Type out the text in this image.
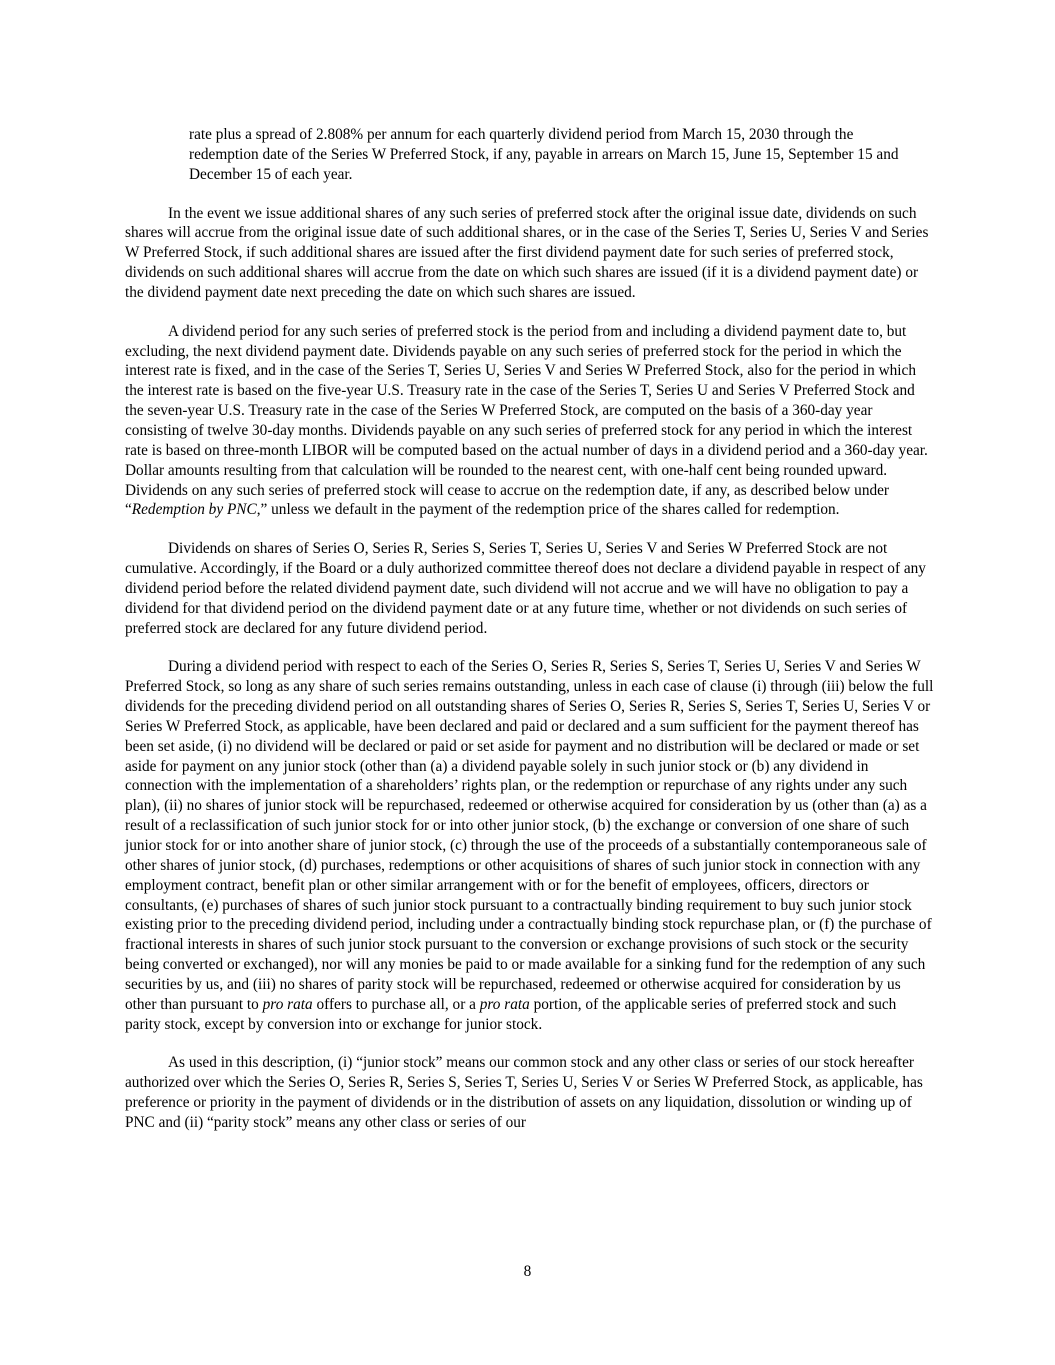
rate plus a spread of 2.808% per annum for each quarterly dividend period from March 15, 2030 through the redemption date of the Series W Preferred Stock, if any, payable in arrears on March 15, June 15, September 15 and December 15 of each year.
In the event we issue additional shares of any such series of preferred stock after the original issue date, dividends on such shares will accrue from the original issue date of such additional shares, or in the case of the Series T, Series U, Series V and Series W Preferred Stock, if such additional shares are issued after the first dividend payment date for such series of preferred stock, dividends on such additional shares will accrue from the date on which such shares are issued (if it is a dividend payment date) or the dividend payment date next preceding the date on which such shares are issued.
A dividend period for any such series of preferred stock is the period from and including a dividend payment date to, but excluding, the next dividend payment date. Dividends payable on any such series of preferred stock for the period in which the interest rate is fixed, and in the case of the Series T, Series U, Series V and Series W Preferred Stock, also for the period in which the interest rate is based on the five-year U.S. Treasury rate in the case of the Series T, Series U and Series V Preferred Stock and the seven-year U.S. Treasury rate in the case of the Series W Preferred Stock, are computed on the basis of a 360-day year consisting of twelve 30-day months. Dividends payable on any such series of preferred stock for any period in which the interest rate is based on three-month LIBOR will be computed based on the actual number of days in a dividend period and a 360-day year. Dollar amounts resulting from that calculation will be rounded to the nearest cent, with one-half cent being rounded upward. Dividends on any such series of preferred stock will cease to accrue on the redemption date, if any, as described below under “Redemption by PNC,” unless we default in the payment of the redemption price of the shares called for redemption.
Dividends on shares of Series O, Series R, Series S, Series T, Series U, Series V and Series W Preferred Stock are not cumulative. Accordingly, if the Board or a duly authorized committee thereof does not declare a dividend payable in respect of any dividend period before the related dividend payment date, such dividend will not accrue and we will have no obligation to pay a dividend for that dividend period on the dividend payment date or at any future time, whether or not dividends on such series of preferred stock are declared for any future dividend period.
During a dividend period with respect to each of the Series O, Series R, Series S, Series T, Series U, Series V and Series W Preferred Stock, so long as any share of such series remains outstanding, unless in each case of clause (i) through (iii) below the full dividends for the preceding dividend period on all outstanding shares of Series O, Series R, Series S, Series T, Series U, Series V or Series W Preferred Stock, as applicable, have been declared and paid or declared and a sum sufficient for the payment thereof has been set aside, (i) no dividend will be declared or paid or set aside for payment and no distribution will be declared or made or set aside for payment on any junior stock (other than (a) a dividend payable solely in such junior stock or (b) any dividend in connection with the implementation of a shareholders’ rights plan, or the redemption or repurchase of any rights under any such plan), (ii) no shares of junior stock will be repurchased, redeemed or otherwise acquired for consideration by us (other than (a) as a result of a reclassification of such junior stock for or into other junior stock, (b) the exchange or conversion of one share of such junior stock for or into another share of junior stock, (c) through the use of the proceeds of a substantially contemporaneous sale of other shares of junior stock, (d) purchases, redemptions or other acquisitions of shares of such junior stock in connection with any employment contract, benefit plan or other similar arrangement with or for the benefit of employees, officers, directors or consultants, (e) purchases of shares of such junior stock pursuant to a contractually binding requirement to buy such junior stock existing prior to the preceding dividend period, including under a contractually binding stock repurchase plan, or (f) the purchase of fractional interests in shares of such junior stock pursuant to the conversion or exchange provisions of such stock or the security being converted or exchanged), nor will any monies be paid to or made available for a sinking fund for the redemption of any such securities by us, and (iii) no shares of parity stock will be repurchased, redeemed or otherwise acquired for consideration by us other than pursuant to pro rata offers to purchase all, or a pro rata portion, of the applicable series of preferred stock and such parity stock, except by conversion into or exchange for junior stock.
As used in this description, (i) “junior stock” means our common stock and any other class or series of our stock hereafter authorized over which the Series O, Series R, Series S, Series T, Series U, Series V or Series W Preferred Stock, as applicable, has preference or priority in the payment of dividends or in the distribution of assets on any liquidation, dissolution or winding up of PNC and (ii) “parity stock” means any other class or series of our
8
